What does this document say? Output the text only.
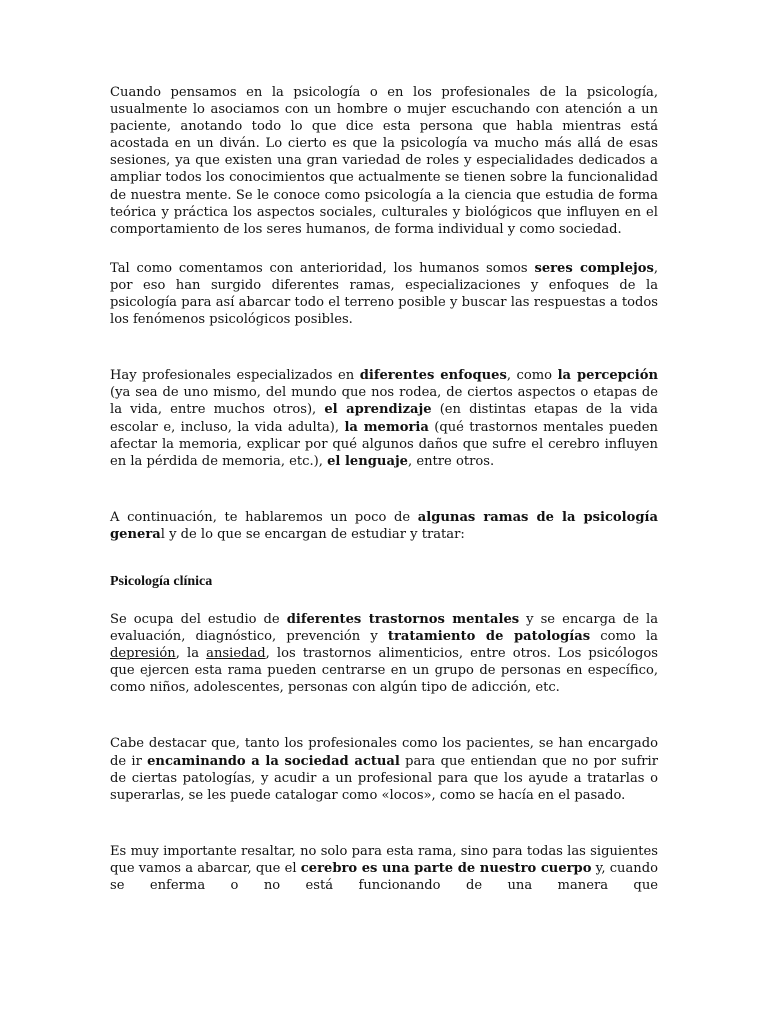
Cuando pensamos en la psicología o en los profesionales de la psicología, usualmente lo asociamos con un hombre o mujer escuchando con atención a un paciente, anotando todo lo que dice esta persona que habla mientras está acostada en un diván. Lo cierto es que la psicología va mucho más allá de esas sesiones, ya que existen una gran variedad de roles y especialidades dedicados a ampliar todos los conocimientos que actualmente se tienen sobre la funcionalidad de nuestra mente. Se le conoce como psicología a la ciencia que estudia de forma teórica y práctica los aspectos sociales, culturales y biológicos que influyen en el comportamiento de los seres humanos, de forma individual y como sociedad.

Tal como comentamos con anterioridad, los humanos somos seres complejos, por eso han surgido diferentes ramas, especializaciones y enfoques de la psicología para así abarcar todo el terreno posible y buscar las respuestas a todos los fenómenos psicológicos posibles.

Hay profesionales especializados en diferentes enfoques, como la percepción (ya sea de uno mismo, del mundo que nos rodea, de ciertos aspectos o etapas de la vida, entre muchos otros), el aprendizaje (en distintas etapas de la vida escolar e, incluso, la vida adulta), la memoria (qué trastornos mentales pueden afectar la memoria, explicar por qué algunos daños que sufre el cerebro influyen en la pérdida de memoria, etc.), el lenguaje, entre otros.

A continuación, te hablaremos un poco de algunas ramas de la psicología general y de lo que se encargan de estudiar y tratar:

Psicología clínica

Se ocupa del estudio de diferentes trastornos mentales y se encarga de la evaluación, diagnóstico, prevención y tratamiento de patologías como la depresión, la ansiedad, los trastornos alimenticios, entre otros. Los psicólogos que ejercen esta rama pueden centrarse en un grupo de personas en específico, como niños, adolescentes, personas con algún tipo de adicción, etc.

Cabe destacar que, tanto los profesionales como los pacientes, se han encargado de ir encaminando a la sociedad actual para que entiendan que no por sufrir de ciertas patologías, y acudir a un profesional para que los ayude a tratarlas o superarlas, se les puede catalogar como «locos», como se hacía en el pasado.

Es muy importante resaltar, no solo para esta rama, sino para todas las siguientes que vamos a abarcar, que el cerebro es una parte de nuestro cuerpo y, cuando se enferma o no está funcionando de una manera que
